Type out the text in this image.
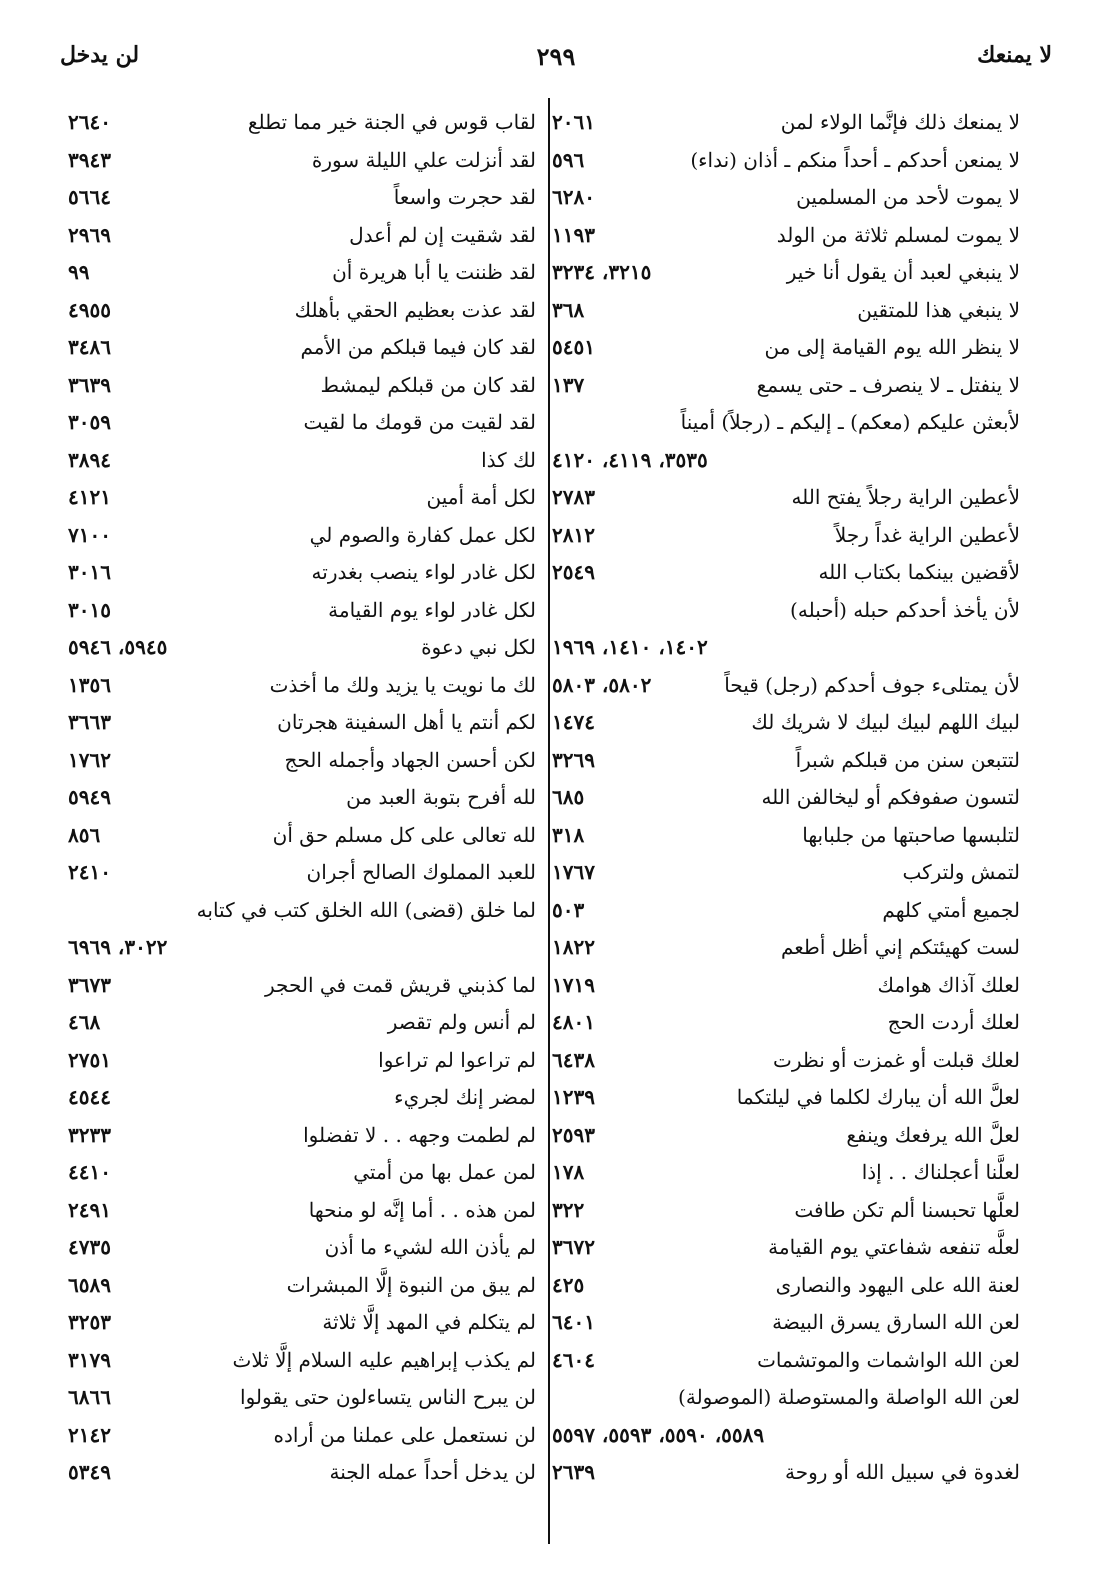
لا يمنعك
٢٩٩
لن يدخل
لا يمنعك ذلك فإنَّما الولاء لمن
٢٠٦١
لا يمنعن أحدكم ـ أحداً منكم ـ أذان (نداء)
٥٩٦
لا يموت لأحد من المسلمين
٦٢٨٠
لا يموت لمسلم ثلاثة من الولد
١١٩٣
لا ينبغي لعبد أن يقول أنا خير
٣٢١٥، ٣٢٣٤
لا ينبغي هذا للمتقين
٣٦٨
لا ينظر الله يوم القيامة إلى من
٥٤٥١
لا ينفتل ـ لا ينصرف ـ حتى يسمع
١٣٧
لأبعثن عليكم (معكم) ـ إليكم ـ (رجلاً) أميناً
٣٥٣٥، ٤١١٩، ٤١٢٠
لأعطين الراية رجلاً يفتح الله
٢٧٨٣
لأعطين الراية غداً رجلاً
٢٨١٢
لأقضين بينكما بكتاب الله
٢٥٤٩
لأن يأخذ أحدكم حبله (أحبله)
١٤٠٢، ١٤١٠، ١٩٦٩
لأن يمتلىء جوف أحدكم (رجل) قيحاً
٥٨٠٢، ٥٨٠٣
لبيك اللهم لبيك لبيك لا شريك لك
١٤٧٤
لتتبعن سنن من قبلكم شبراً
٣٢٦٩
لتسون صفوفكم أو ليخالفن الله
٦٨٥
لتلبسها صاحبتها من جلبابها
٣١٨
لتمش ولتركب
١٧٦٧
لجميع أمتي كلهم
٥٠٣
لست كهيئتكم إني أظل أطعم
١٨٢٢
لعلك آذاك هوامك
١٧١٩
لعلك أردت الحج
٤٨٠١
لعلك قبلت أو غمزت أو نظرت
٦٤٣٨
لعلَّ الله أن يبارك لكلما في ليلتكما
١٢٣٩
لعلَّ الله يرفعك وينفع
٢٥٩٣
لعلَّنا أعجلناك . . إذا
١٧٨
لعلَّها تحبسنا ألم تكن طافت
٣٢٢
لعلَّه تنفعه شفاعتي يوم القيامة
٣٦٧٢
لعنة الله على اليهود والنصارى
٤٢٥
لعن الله السارق يسرق البيضة
٦٤٠١
لعن الله الواشمات والموتشمات
٤٦٠٤
لعن الله الواصلة والمستوصلة (الموصولة)
٥٥٨٩، ٥٥٩٠، ٥٥٩٣، ٥٥٩٧
لغدوة في سبيل الله أو روحة
٢٦٣٩
لقاب قوس في الجنة خير مما تطلع
٢٦٤٠
لقد أنزلت علي الليلة سورة
٣٩٤٣
لقد حجرت واسعاً
٥٦٦٤
لقد شقيت إن لم أعدل
٢٩٦٩
لقد ظننت يا أبا هريرة أن
٩٩
لقد عذت بعظيم الحقي بأهلك
٤٩٥٥
لقد كان فيما قبلكم من الأمم
٣٤٨٦
لقد كان من قبلكم ليمشط
٣٦٣٩
لقد لقيت من قومك ما لقيت
٣٠٥٩
لك كذا
٣٨٩٤
لكل أمة أمين
٤١٢١
لكل عمل كفارة والصوم لي
٧١٠٠
لكل غادر لواء ينصب بغدرته
٣٠١٦
لكل غادر لواء يوم القيامة
٣٠١٥
لكل نبي دعوة
٥٩٤٥، ٥٩٤٦
لك ما نويت يا يزيد ولك ما أخذت
١٣٥٦
لكم أنتم يا أهل السفينة هجرتان
٣٦٦٣
لكن أحسن الجهاد وأجمله الحج
١٧٦٢
لله أفرح بتوبة العبد من
٥٩٤٩
لله تعالى على كل مسلم حق أن
٨٥٦
للعبد المملوك الصالح أجران
٢٤١٠
لما خلق (قضى) الله الخلق كتب في كتابه
٣٠٢٢، ٦٩٦٩
لما كذبني قريش قمت في الحجر
٣٦٧٣
لم أنس ولم تقصر
٤٦٨
لم تراعوا لم تراعوا
٢٧٥١
لمضر إنك لجريء
٤٥٤٤
لم لطمت وجهه . . لا تفضلوا
٣٢٣٣
لمن عمل بها من أمتي
٤٤١٠
لمن هذه . . أما إنَّه لو منحها
٢٤٩١
لم يأذن الله لشيء ما أذن
٤٧٣٥
لم يبق من النبوة إلَّا المبشرات
٦٥٨٩
لم يتكلم في المهد إلَّا ثلاثة
٣٢٥٣
لم يكذب إبراهيم عليه السلام إلَّا ثلاث
٣١٧٩
لن يبرح الناس يتساءلون حتى يقولوا
٦٨٦٦
لن نستعمل على عملنا من أراده
٢١٤٢
لن يدخل أحداً عمله الجنة
٥٣٤٩
